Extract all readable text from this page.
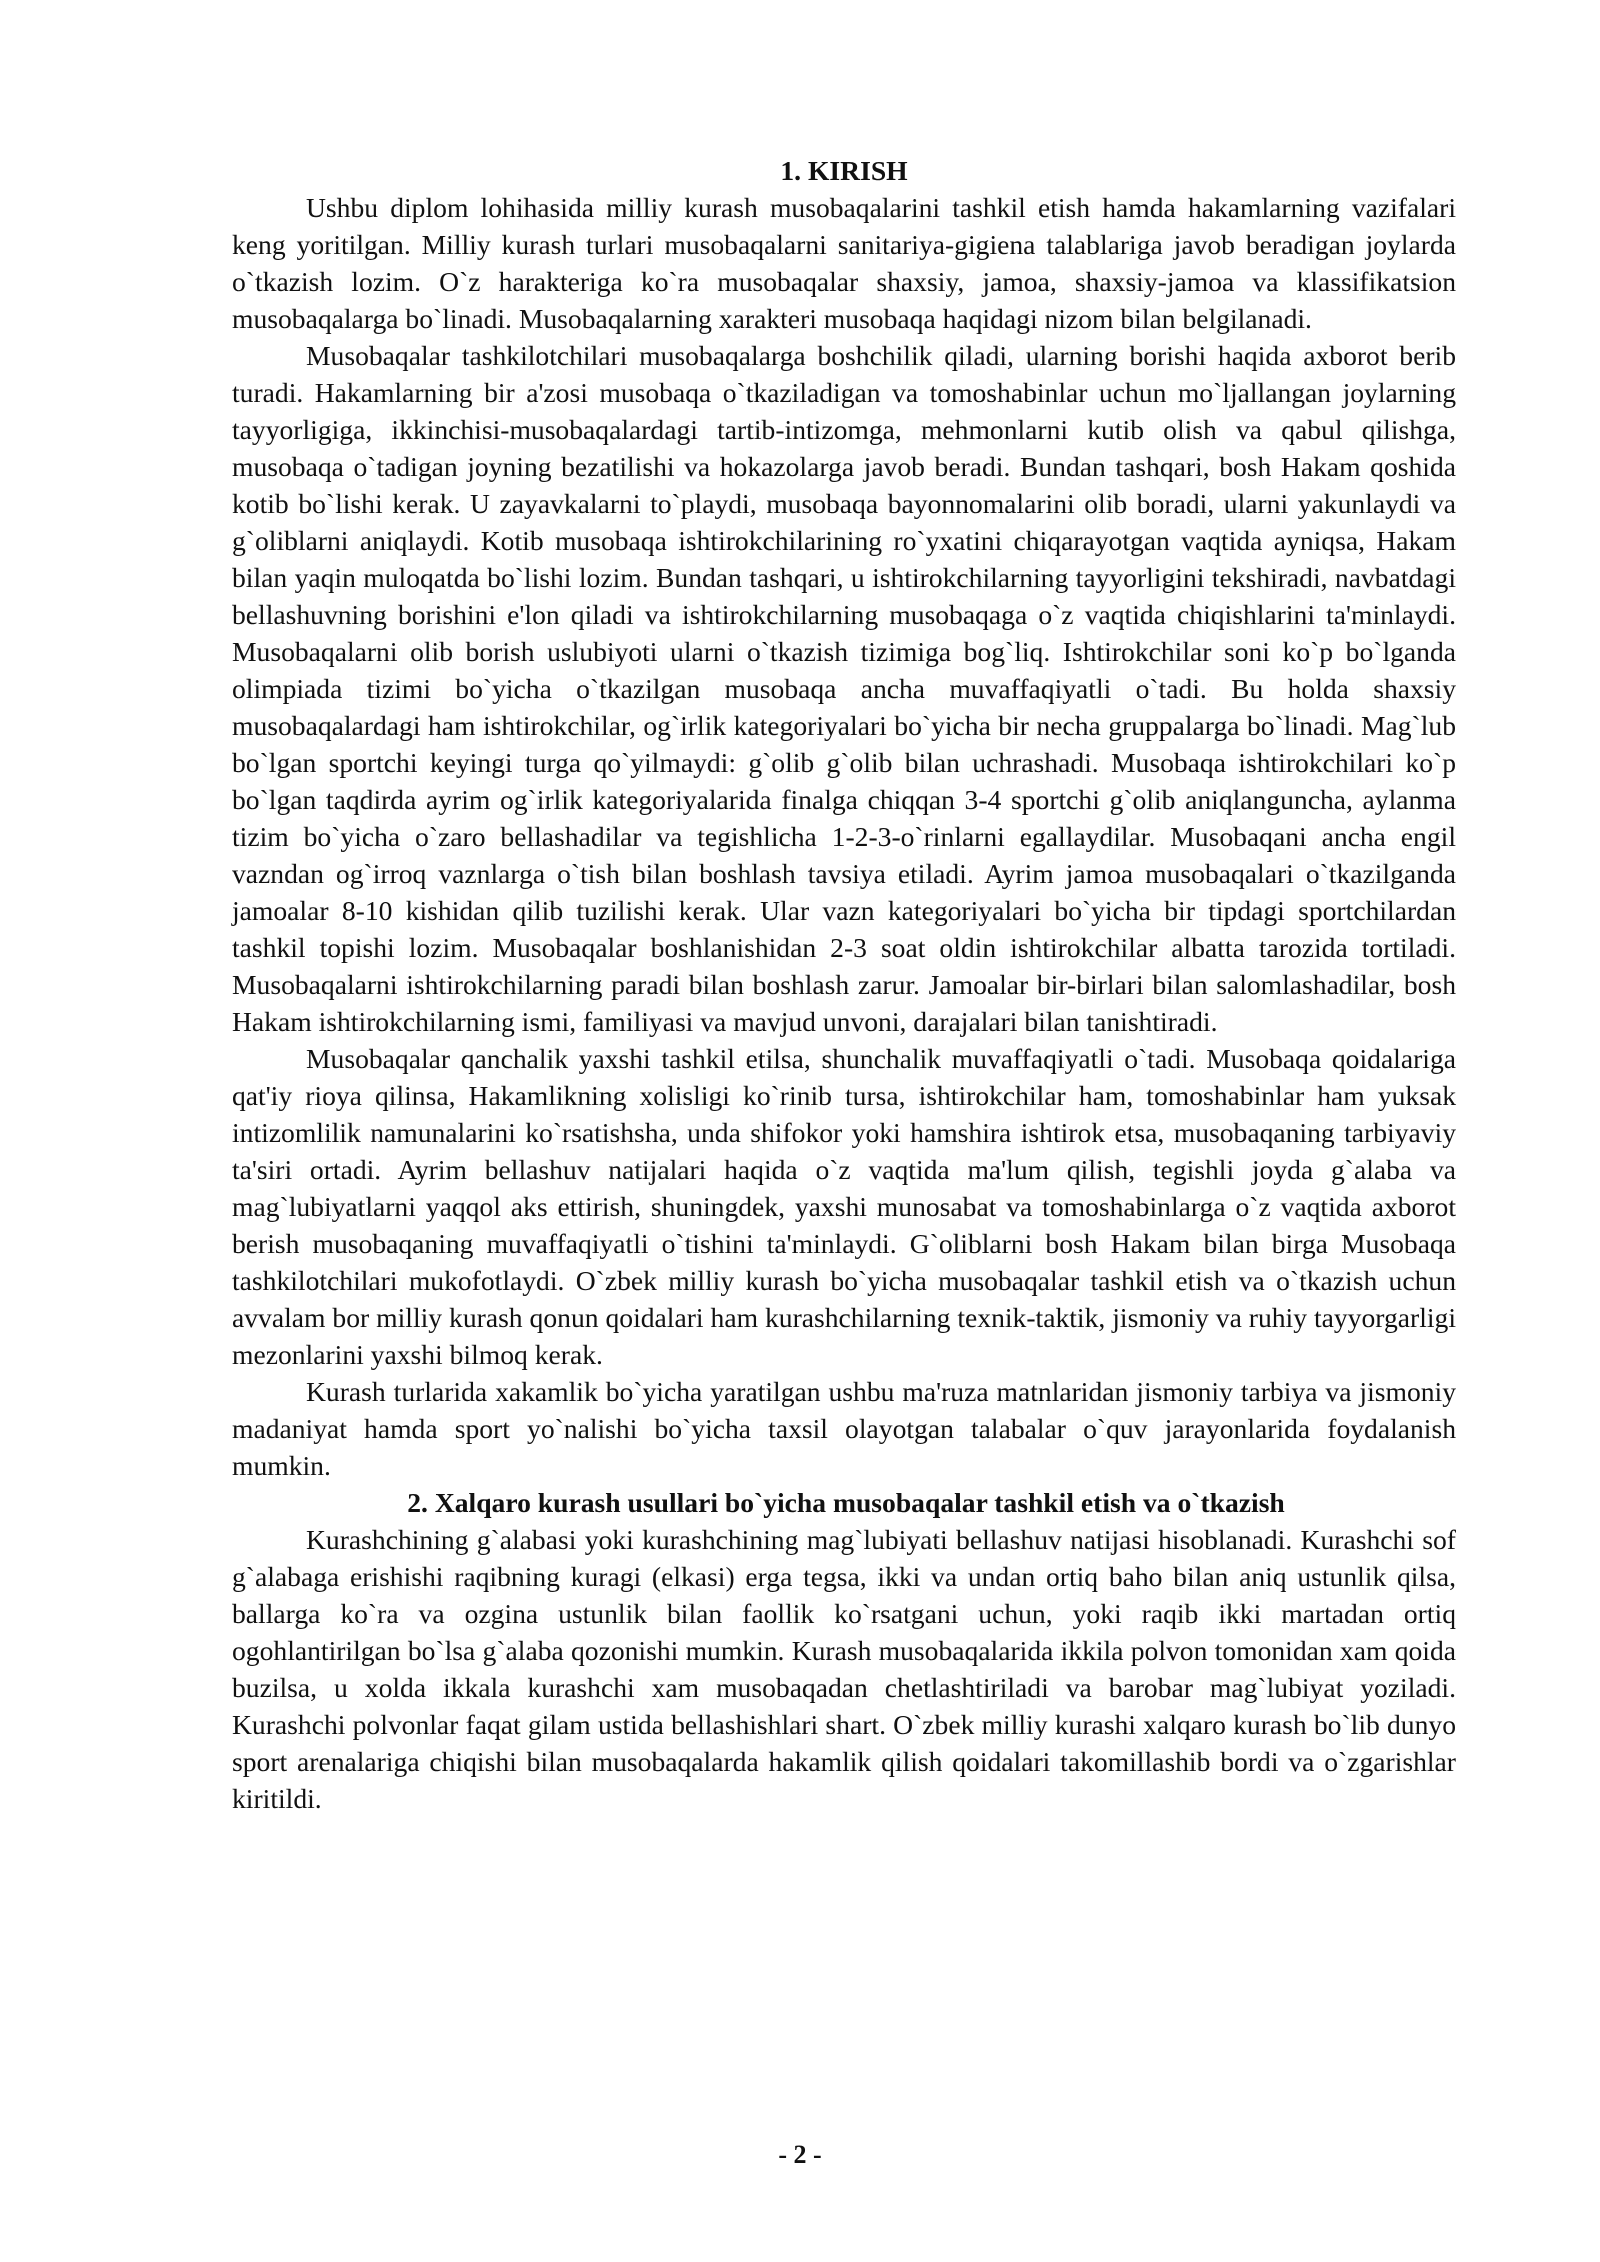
1. KIRISH

Ushbu diplom lohihasida milliy kurash musobaqalarini tashkil etish hamda hakamlarning vazifalari keng yoritilgan. Milliy kurash turlari musobaqalarni sanitariya-gigiena talablariga javob beradigan joylarda o`tkazish lozim. O`z harakteriga ko`ra musobaqalar shaxsiy, jamoa, shaxsiy-jamoa va klassifikatsion musobaqalarga bo`linadi. Musobaqalarning xarakteri musobaqa haqidagi nizom bilan belgilanadi.

Musobaqalar tashkilotchilari musobaqalarga boshchilik qiladi, ularning borishi haqida axborot berib turadi. Hakamlarning bir a'zosi musobaqa o`tkaziladigan va tomoshabinlar uchun mo`ljallangan joylarning tayyorligiga, ikkinchisi-musobaqalardagi tartib-intizomga, mehmonlarni kutib olish va qabul qilishga, musobaqa o`tadigan joyning bezatilishi va hokazolarga javob beradi. Bundan tashqari, bosh Hakam qoshida kotib bo`lishi kerak. U zayavkalarni to`playdi, musobaqa bayonnomalarini olib boradi, ularni yakunlaydi va g`oliblarni aniqlaydi. Kotib musobaqa ishtirokchilarining ro`yxatini chiqarayotgan vaqtida ayniqsa, Hakam bilan yaqin muloqatda bo`lishi lozim. Bundan tashqari, u ishtirokchilarning tayyorligini tekshiradi, navbatdagi bellashuvning borishini e'lon qiladi va ishtirokchilarning musobaqaga o`z vaqtida chiqishlarini ta'minlaydi. Musobaqalarni olib borish uslubiyoti ularni o`tkazish tizimiga bog`liq. Ishtirokchilar soni ko`p bo`lganda olimpiada tizimi bo`yicha o`tkazilgan musobaqa ancha muvaffaqiyatli o`tadi. Bu holda shaxsiy musobaqalardagi ham ishtirokchilar, og`irlik kategoriyalari bo`yicha bir necha gruppalarga bo`linadi. Mag`lub bo`lgan sportchi keyingi turga qo`yilmaydi: g`olib g`olib bilan uchrashadi. Musobaqa ishtirokchilari ko`p bo`lgan taqdirda ayrim og`irlik kategoriyalarida finalga chiqqan 3-4 sportchi g`olib aniqlanguncha, aylanma tizim bo`yicha o`zaro bellashadilar va tegishlicha 1-2-3-o`rinlarni egallaydilar. Musobaqani ancha engil vazndan og`irroq vaznlarga o`tish bilan boshlash tavsiya etiladi. Ayrim jamoa musobaqalari o`tkazilganda jamoalar 8-10 kishidan qilib tuzilishi kerak. Ular vazn kategoriyalari bo`yicha bir tipdagi sportchilardan tashkil topishi lozim. Musobaqalar boshlanishidan 2-3 soat oldin ishtirokchilar albatta tarozida tortiladi. Musobaqalarni ishtirokchilarning paradi bilan boshlash zarur. Jamoalar bir-birlari bilan salomlashadilar, bosh Hakam ishtirokchilarning ismi, familiyasi va mavjud unvoni, darajalari bilan tanishtiradi.

Musobaqalar qanchalik yaxshi tashkil etilsa, shunchalik muvaffaqiyatli o`tadi. Musobaqa qoidalariga qat'iy rioya qilinsa, Hakamlikning xolisligi ko`rinib tursa, ishtirokchilar ham, tomoshabinlar ham yuksak intizomlilik namunalarini ko`rsatishsha, unda shifokor yoki hamshira ishtirok etsa, musobaqaning tarbiyaviy ta'siri ortadi. Ayrim bellashuv natijalari haqida o`z vaqtida ma'lum qilish, tegishli joyda g`alaba va mag`lubiyatlarni yaqqol aks ettirish, shuningdek, yaxshi munosabat va tomoshabinlarga o`z vaqtida axborot berish musobaqaning muvaffaqiyatli o`tishini ta'minlaydi. G`oliblarni bosh Hakam bilan birga Musobaqa tashkilotchilari mukofotlaydi. O`zbek milliy kurash bo`yicha musobaqalar tashkil etish va o`tkazish uchun avvalam bor milliy kurash qonun qoidalari ham kurashchilarning texnik-taktik, jismoniy va ruhiy tayyorgarligi mezonlarini yaxshi bilmoq kerak.

Kurash turlarida xakamlik bo`yicha yaratilgan ushbu ma'ruza matnlaridan jismoniy tarbiya va jismoniy madaniyat hamda sport yo`nalishi bo`yicha taxsil olayotgan talabalar o`quv jarayonlarida foydalanish mumkin.

2. Xalqaro kurash usullari bo`yicha musobaqalar tashkil etish va o`tkazish

Kurashchining g`alabasi yoki kurashchining mag`lubiyati bellashuv natijasi hisoblanadi. Kurashchi sof g`alabaga erishishi raqibning kuragi (elkasi) erga tegsa, ikki va undan ortiq baho bilan aniq ustunlik qilsa, ballarga ko`ra va ozgina ustunlik bilan faollik ko`rsatgani uchun, yoki raqib ikki martadan ortiq ogohlantirilgan bo`lsa g`alaba qozonishi mumkin. Kurash musobaqalarida ikkila polvon tomonidan xam qoida buzilsa, u xolda ikkala kurashchi xam musobaqadan chetlashtiriladi va barobar mag`lubiyat yoziladi. Kurashchi polvonlar faqat gilam ustida bellashishlari shart. O`zbek milliy kurashi xalqaro kurash bo`lib dunyo sport arenalariga chiqishi bilan musobaqalarda hakamlik qilish qoidalari takomillashib bordi va o`zgarishlar kiritildi.

- 2 -
